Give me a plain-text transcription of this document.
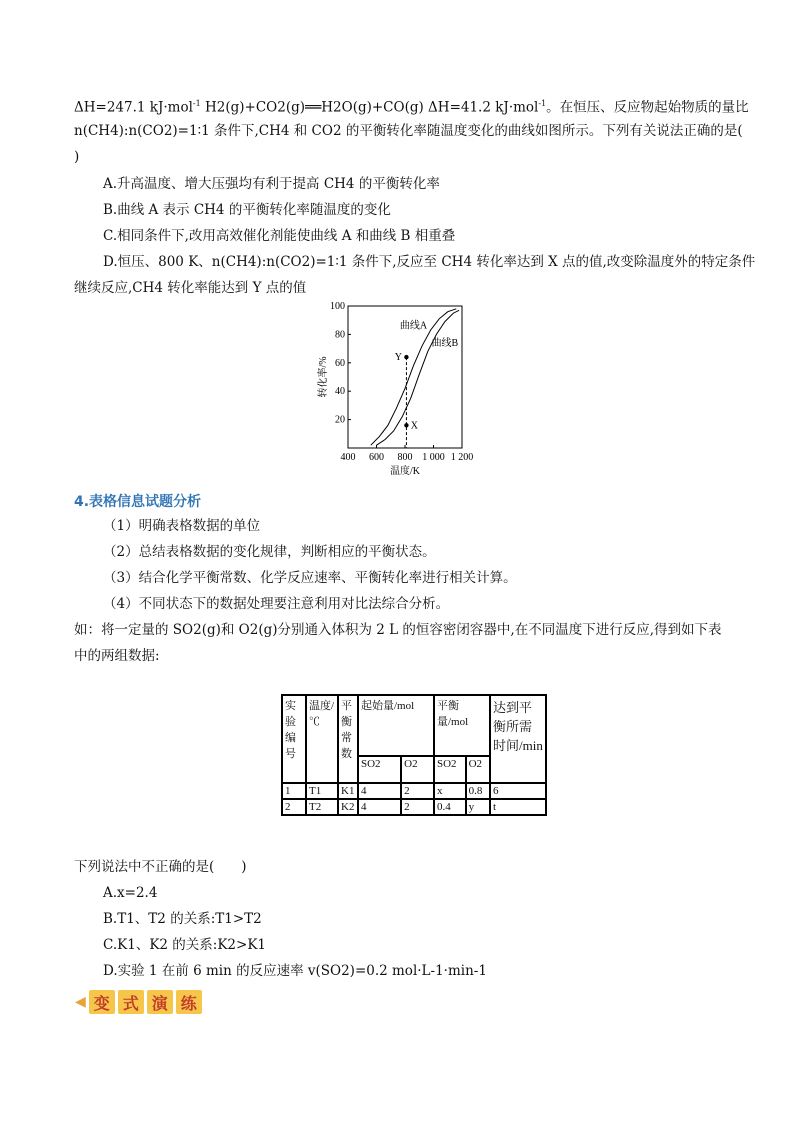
ΔH=247.1 kJ·mol$^{-1}$ H2(g)+CO2(g)══H2O(g)+CO(g) ΔH=41.2 kJ·mol$^{-1}$。在恒压、反应物起始物质的量比
n(CH4):n(CO2)=1∶1 条件下,CH4 和 CO2 的平衡转化率随温度变化的曲线如图所示。下列有关说法正确的是(
)
A.升高温度、增大压强均有利于提高 CH4 的平衡转化率
B.曲线 A 表示 CH4 的平衡转化率随温度的变化
C.相同条件下,改用高效催化剂能使曲线 A 和曲线 B 相重叠
D.恒压、800 K、n(CH4):n(CO2)=1∶1 条件下,反应至 CH4 转化率达到 X 点的值,改变除温度外的特定条件
继续反应,CH4 转化率能达到 Y 点的值
400 600 800 1 000 1 200
20
40
60
80
100
温度/K
转化率/%
曲线A
曲线B
Y
X
4.表格信息试题分析
（1）明确表格数据的单位
（2）总结表格数据的变化规律，判断相应的平衡状态。
（3）结合化学平衡常数、化学反应速率、平衡转化率进行相关计算。
（4）不同状态下的数据处理要注意利用对比法综合分析。
如：将一定量的 SO2(g)和 O2(g)分别通入体积为 2 L 的恒容密闭容器中,在不同温度下进行反应,得到如下表
中的两组数据:
实验编号	温度/℃	平衡常数	起始量/mol		平衡量/mol		达到平衡所需时间/min
			SO2	O2	SO2	O2	
1	T1	K1	4	2	x	0.8	6
2	T2	K2	4	2	0.4	y	t
下列说法中不正确的是(　　)
A.x=2.4
B.T1、T2 的关系:T1>T2
C.K1、K2 的关系:K2>K1
D.实验 1 在前 6 min 的反应速率 v(SO2)=0.2 mol·L-1·min-1
◀ 变 式 演 练
